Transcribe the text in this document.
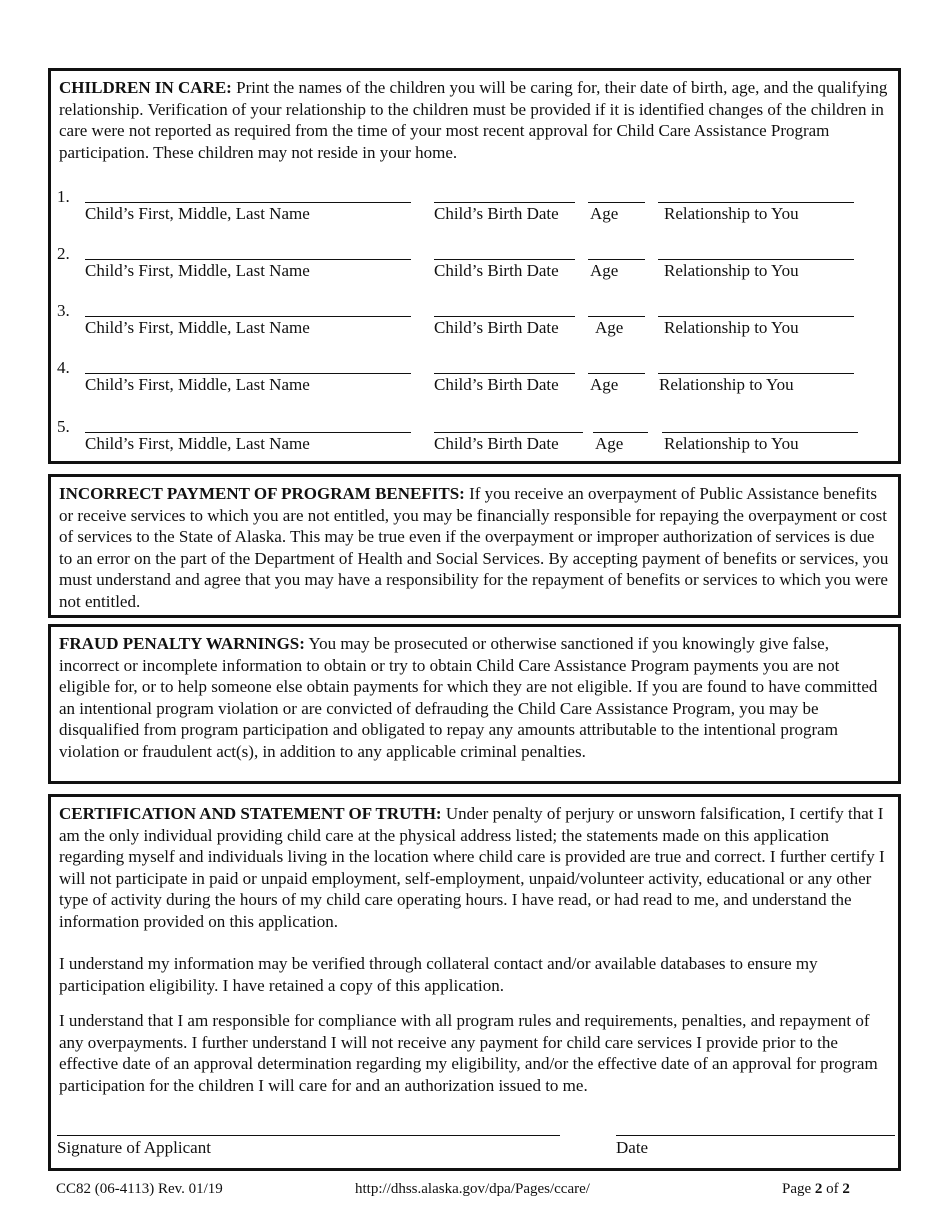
CHILDREN IN CARE: Print the names of the children you will be caring for, their date of birth, age, and the qualifying relationship. Verification of your relationship to the children must be provided if it is identified changes of the children in care were not reported as required from the time of your most recent approval for Child Care Assistance Program participation. These children may not reside in your home.

1.
Child’s First, Middle, Last Name	Child’s Birth Date Age	Relationship to You
2.
Child’s First, Middle, Last Name	Child’s Birth Date Age	Relationship to You
3.
Child’s First, Middle, Last Name	Child’s Birth Date Age Relationship to You
4.
Child’s First, Middle, Last Name	Child’s Birth Date Age Relationship to You
5.
Child’s First, Middle, Last Name	Child’s Birth Date Age Relationship to You

INCORRECT PAYMENT OF PROGRAM BENEFITS: If you receive an overpayment of Public Assistance benefits or receive services to which you are not entitled, you may be financially responsible for repaying the overpayment or cost of services to the State of Alaska. This may be true even if the overpayment or improper authorization of services is due to an error on the part of the Department of Health and Social Services. By accepting payment of benefits or services, you must understand and agree that you may have a responsibility for the repayment of benefits or services to which you were not entitled.

FRAUD PENALTY WARNINGS: You may be prosecuted or otherwise sanctioned if you knowingly give false, incorrect or incomplete information to obtain or try to obtain Child Care Assistance Program payments you are not eligible for, or to help someone else obtain payments for which they are not eligible. If you are found to have committed an intentional program violation or are convicted of defrauding the Child Care Assistance Program, you may be disqualified from program participation and obligated to repay any amounts attributable to the intentional program violation or fraudulent act(s), in addition to any applicable criminal penalties.

CERTIFICATION AND STATEMENT OF TRUTH: Under penalty of perjury or unsworn falsification, I certify that I am the only individual providing child care at the physical address listed; the statements made on this application regarding myself and individuals living in the location where child care is provided are true and correct. I further certify I will not participate in paid or unpaid employment, self-employment, unpaid/volunteer activity, educational or any other type of activity during the hours of my child care operating hours. I have read, or had read to me, and understand the information provided on this application.

I understand my information may be verified through collateral contact and/or available databases to ensure my participation eligibility. I have retained a copy of this application.

I understand that I am responsible for compliance with all program rules and requirements, penalties, and repayment of any overpayments. I further understand I will not receive any payment for child care services I provide prior to the effective date of an approval determination regarding my eligibility, and/or the effective date of an approval for program participation for the children I will care for and an authorization issued to me.

Signature of Applicant	Date
CC82 (06-4113) Rev. 01/19	http://dhss.alaska.gov/dpa/Pages/ccare/	Page 2 of 2
